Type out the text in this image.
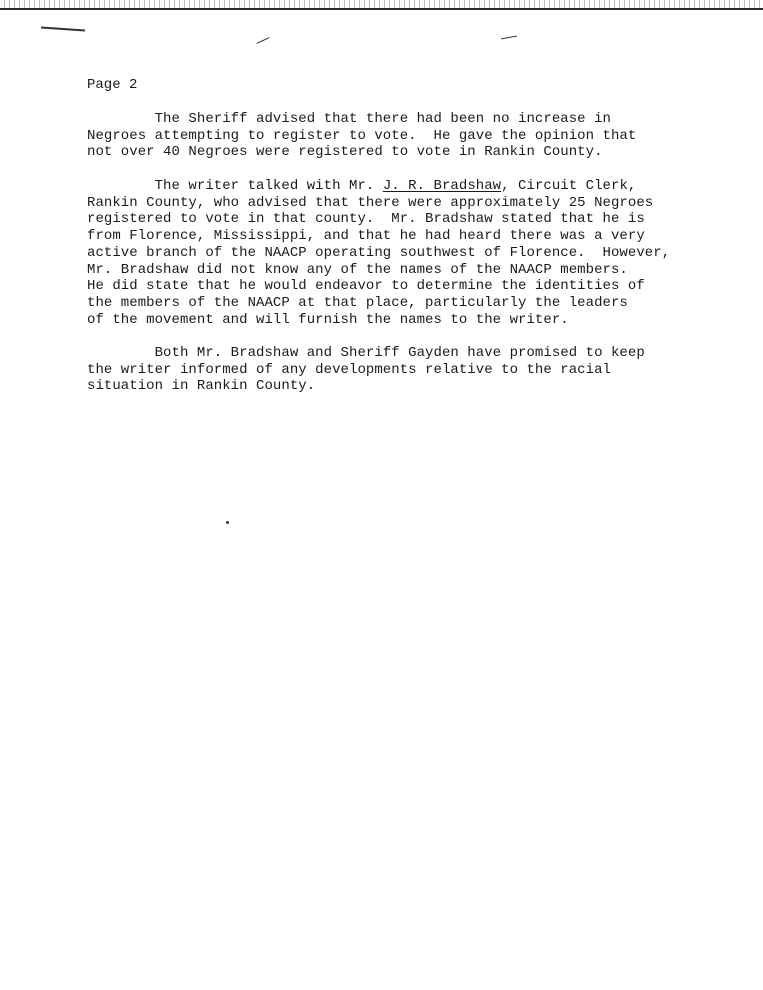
Page 2
The Sheriff advised that there had been no increase in
Negroes attempting to register to vote.  He gave the opinion that
not over 40 Negroes were registered to vote in Rankin County.
The writer talked with Mr. J. R. Bradshaw, Circuit Clerk,
Rankin County, who advised that there were approximately 25 Negroes
registered to vote in that county.  Mr. Bradshaw stated that he is
from Florence, Mississippi, and that he had heard there was a very
active branch of the NAACP operating southwest of Florence.  However,
Mr. Bradshaw did not know any of the names of the NAACP members.
He did state that he would endeavor to determine the identities of
the members of the NAACP at that place, particularly the leaders
of the movement and will furnish the names to the writer.
Both Mr. Bradshaw and Sheriff Gayden have promised to keep
the writer informed of any developments relative to the racial
situation in Rankin County.
